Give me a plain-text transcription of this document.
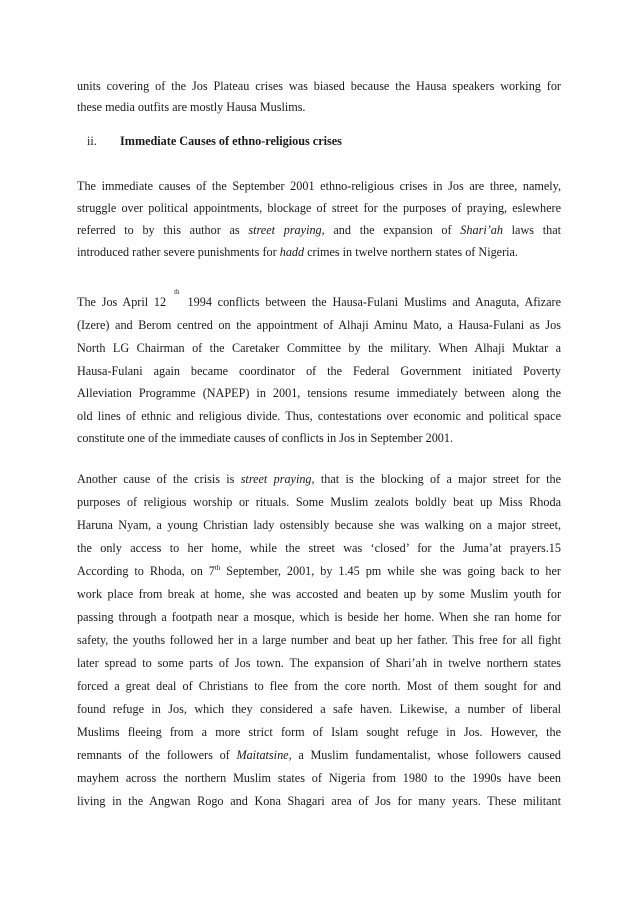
units covering of the Jos Plateau crises was biased because the Hausa speakers working for
these media outfits are mostly Hausa Muslims.
ii. Immediate Causes of ethno-religious crises
The immediate causes of the September 2001 ethno-religious crises in Jos are three, namely,
struggle over political appointments, blockage of street for the purposes of praying, eslewhere
referred to by this author as street praying, and the expansion of Shari’ah laws that
introduced rather severe punishments for hadd crimes in twelve northern states of Nigeria.
The Jos April 12th1994 conflicts between the Hausa-Fulani Muslims and Anaguta, Afizare
(Izere) and Berom centred on the appointment of Alhaji Aminu Mato, a Hausa-Fulani as Jos
North LG Chairman of the Caretaker Committee by the military. When Alhaji Muktar a
Hausa-Fulani again became coordinator of the Federal Government initiated Poverty
Alleviation Programme (NAPEP) in 2001, tensions resume immediately between along the
old lines of ethnic and religious divide. Thus, contestations over economic and political space
constitute one of the immediate causes of conflicts in Jos in September 2001.
Another cause of the crisis is street praying, that is the blocking of a major street for the
purposes of religious worship or rituals. Some Muslim zealots boldly beat up Miss Rhoda
Haruna Nyam, a young Christian lady ostensibly because she was walking on a major street,
the only access to her home, while the street was ‘closed’ for the Juma’at prayers.15
According to Rhoda, on 7th September, 2001, by 1.45 pm while she was going back to her
work place from break at home, she was accosted and beaten up by some Muslim youth for
passing through a footpath near a mosque, which is beside her home. When she ran home for
safety, the youths followed her in a large number and beat up her father. This free for all fight
later spread to some parts of Jos town. The expansion of Shari’ah in twelve northern states
forced a great deal of Christians to flee from the core north. Most of them sought for and
found refuge in Jos, which they considered a safe haven. Likewise, a number of liberal
Muslims fleeing from a more strict form of Islam sought refuge in Jos. However, the
remnants of the followers of Maitatsine, a Muslim fundamentalist, whose followers caused
mayhem across the northern Muslim states of Nigeria from 1980 to the 1990s have been
living in the Angwan Rogo and Kona Shagari area of Jos for many years. These militant
